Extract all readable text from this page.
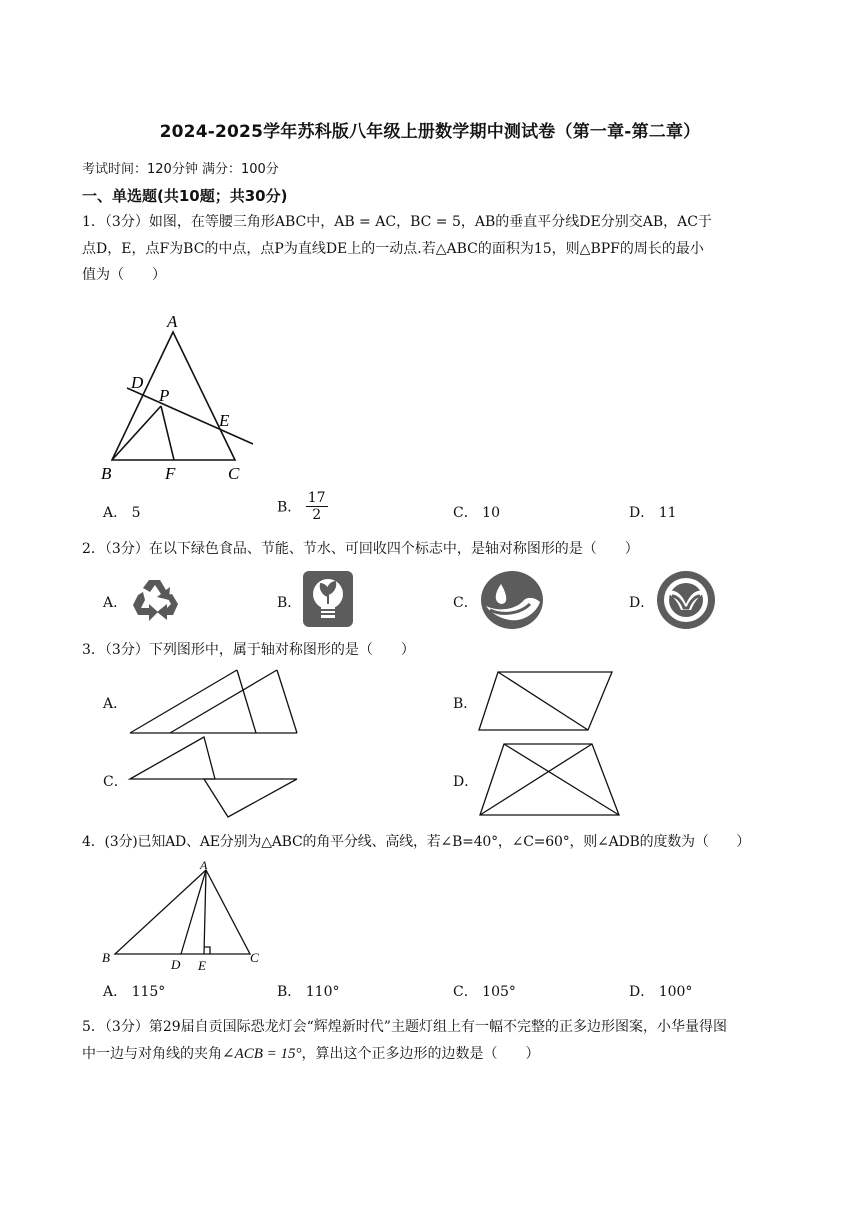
2024-2025学年苏科版八年级上册数学期中测试卷（第一章-第二章）
考试时间：120分钟 满分：100分
一、单选题(共10题；共30分)
1．（3分）如图，在等腰三角形ABC中，AB = AC，BC = 5，AB的垂直平分线DE分别交AB，AC于
点D，E，点F为BC的中点，点P为直线DE上的一动点.若△ABC的面积为15，则△BPF的周长的最小
值为（　　）
A
D
P
E
B	F	C
A． 5	B． $\frac{17}{2}$	C． 10	D． 11
2．（3分）在以下绿色食品、节能、节水、可回收四个标志中，是轴对称图形的是（　　）
A．	B．	C．	D．
3．（3分）下列图形中，属于轴对称图形的是（　　）
A．	B．
C．	D．
4．(3分)已知AD、AE分别为△ABC的角平分线、高线，若∠B=40°，∠C=60°，则∠ADB的度数为（　　）
A
B	D E
C
A． 115°	B． 110°	C． 105°	D． 100°
5．（3分）第29届自贡国际恐龙灯会“辉煌新时代”主题灯组上有一幅不完整的正多边形图案，小华量得图
中一边与对角线的夹角∠ACB = 15°，算出这个正多边形的边数是（　　）
